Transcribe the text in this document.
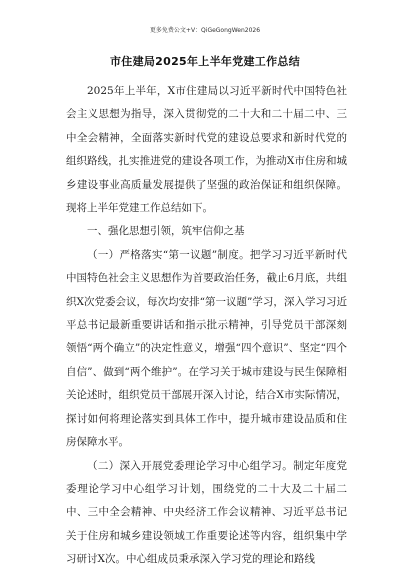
更多免费公文+V：QiGeGongWen2026
市住建局2025年上半年党建工作总结

2025年上半年，X市住建局以习近平新时代中国特色社会主义思想为指导，深入贯彻党的二十大和二十届二中、三中全会精神，全面落实新时代党的建设总要求和新时代党的组织路线，扎实推进党的建设各项工作，为推动X市住房和城乡建设事业高质量发展提供了坚强的政治保证和组织保障。现将上半年党建工作总结如下。

一、强化思想引领，筑牢信仰之基

（一）严格落实“第一议题”制度。把学习习近平新时代中国特色社会主义思想作为首要政治任务，截止6月底，共组织X次党委会议，每次均安排“第一议题”学习，深入学习习近平总书记最新重要讲话和指示批示精神，引导党员干部深刻领悟“两个确立”的决定性意义，增强“四个意识”、坚定“四个自信”、做到“两个维护”。在学习关于城市建设与民生保障相关论述时，组织党员干部展开深入讨论，结合X市实际情况，探讨如何将理论落实到具体工作中，提升城市建设品质和住房保障水平。

（二）深入开展党委理论学习中心组学习。制定年度党委理论学习中心组学习计划，围绕党的二十大及二十届二中、三中全会精神、中央经济工作会议精神、习近平总书记关于住房和城乡建设领域工作重要论述等内容，组织集中学习研讨X次。中心组成员秉承深入学习党的理论和路线
